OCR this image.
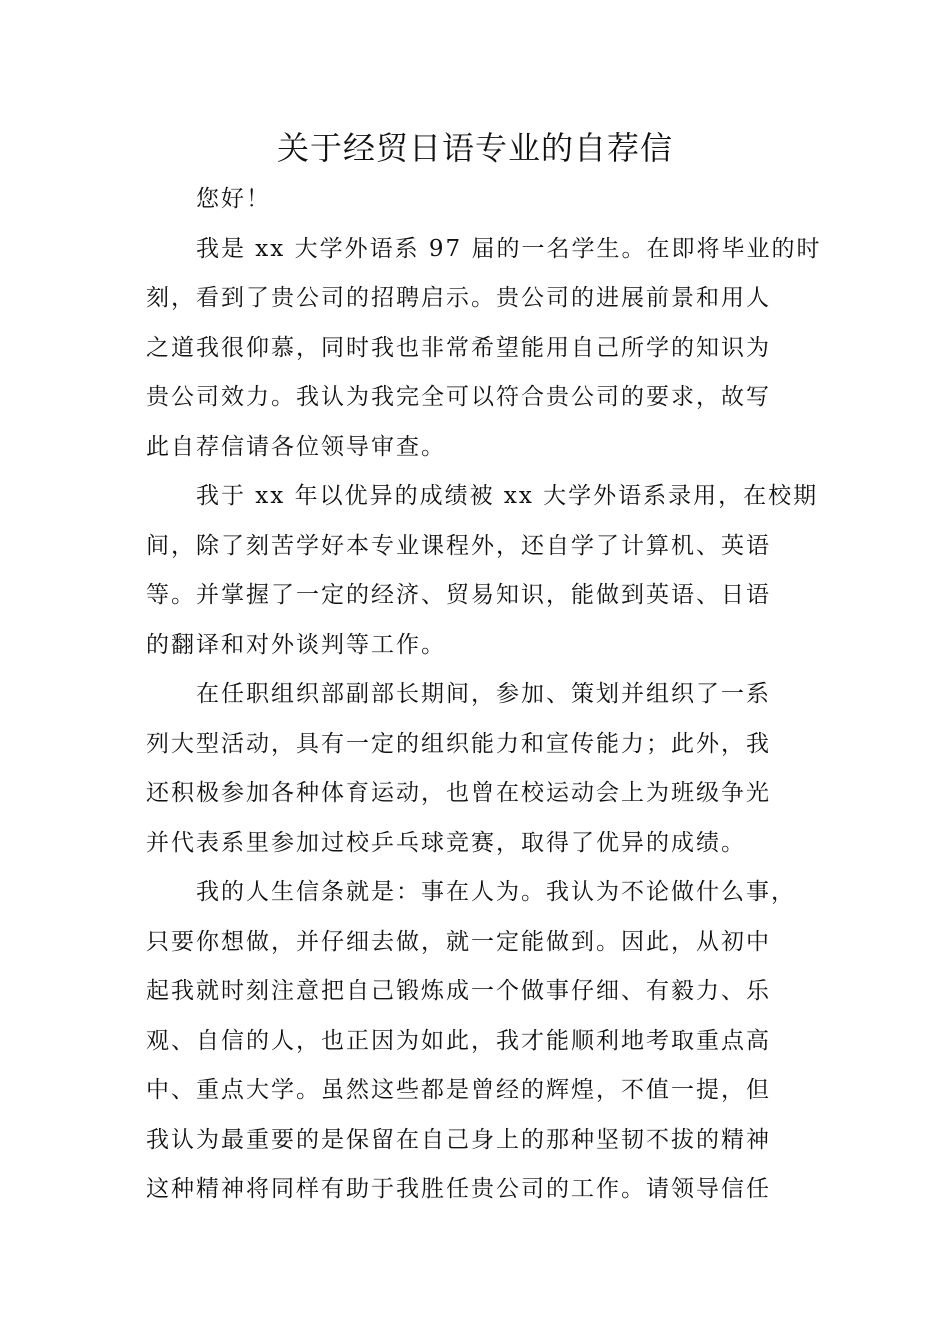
关于经贸日语专业的自荐信
您好！
我是 xx 大学外语系 97 届的一名学生。在即将毕业的时
刻，看到了贵公司的招聘启示。贵公司的进展前景和用人
之道我很仰慕，同时我也非常希望能用自己所学的知识为
贵公司效力。我认为我完全可以符合贵公司的要求，故写
此自荐信请各位领导审查。
我于 xx 年以优异的成绩被 xx 大学外语系录用，在校期
间，除了刻苦学好本专业课程外，还自学了计算机、英语
等。并掌握了一定的经济、贸易知识，能做到英语、日语
的翻译和对外谈判等工作。
在任职组织部副部长期间，参加、策划并组织了一系
列大型活动，具有一定的组织能力和宣传能力；此外，我
还积极参加各种体育运动，也曾在校运动会上为班级争光
并代表系里参加过校乒乓球竞赛，取得了优异的成绩。
我的人生信条就是：事在人为。我认为不论做什么事，
只要你想做，并仔细去做，就一定能做到。因此，从初中
起我就时刻注意把自己锻炼成一个做事仔细、有毅力、乐
观、自信的人，也正因为如此，我才能顺利地考取重点高
中、重点大学。虽然这些都是曾经的辉煌，不值一提，但
我认为最重要的是保留在自己身上的那种坚韧不拔的精神
这种精神将同样有助于我胜任贵公司的工作。请领导信任
